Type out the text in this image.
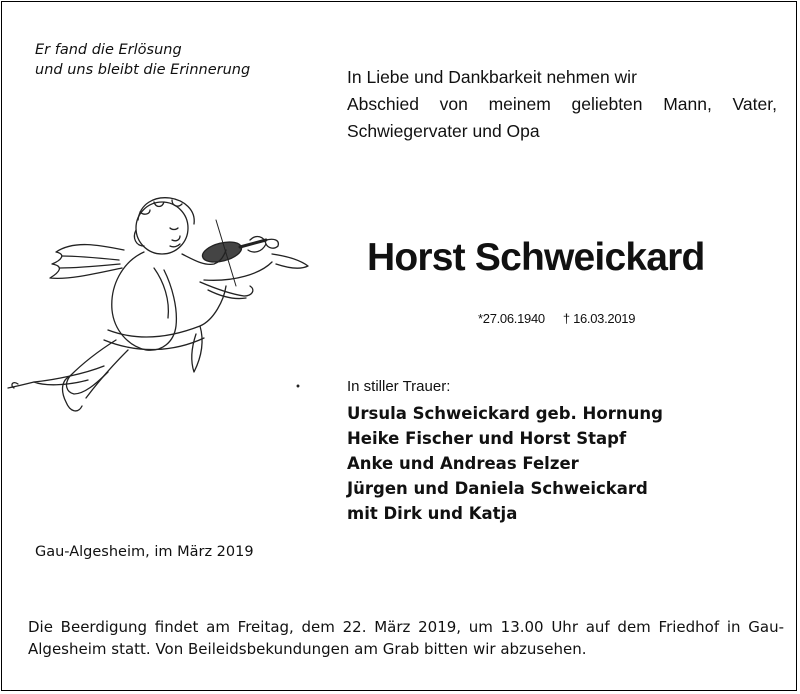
Er fand die Erlösung
und uns bleibt die Erinnerung	In Liebe und Dankbarkeit nehmen wir
Abschied von meinem geliebten Mann, Vater,
Schwiegervater und Opa
Horst Schweickard
*27.06.1940 † 16.03.2019
In stiller Trauer:
Ursula Schweickard geb. Hornung
Heike Fischer und Horst Stapf
Anke und Andreas Felzer
Jürgen und Daniela Schweickard
mit Dirk und Katja
Gau-Algesheim, im März 2019

Die Beerdigung findet am Freitag, dem 22. März 2019, um 13.00 Uhr auf dem Friedhof in Gau-Algesheim statt. Von Beileidsbekundungen am Grab bitten wir abzusehen.
